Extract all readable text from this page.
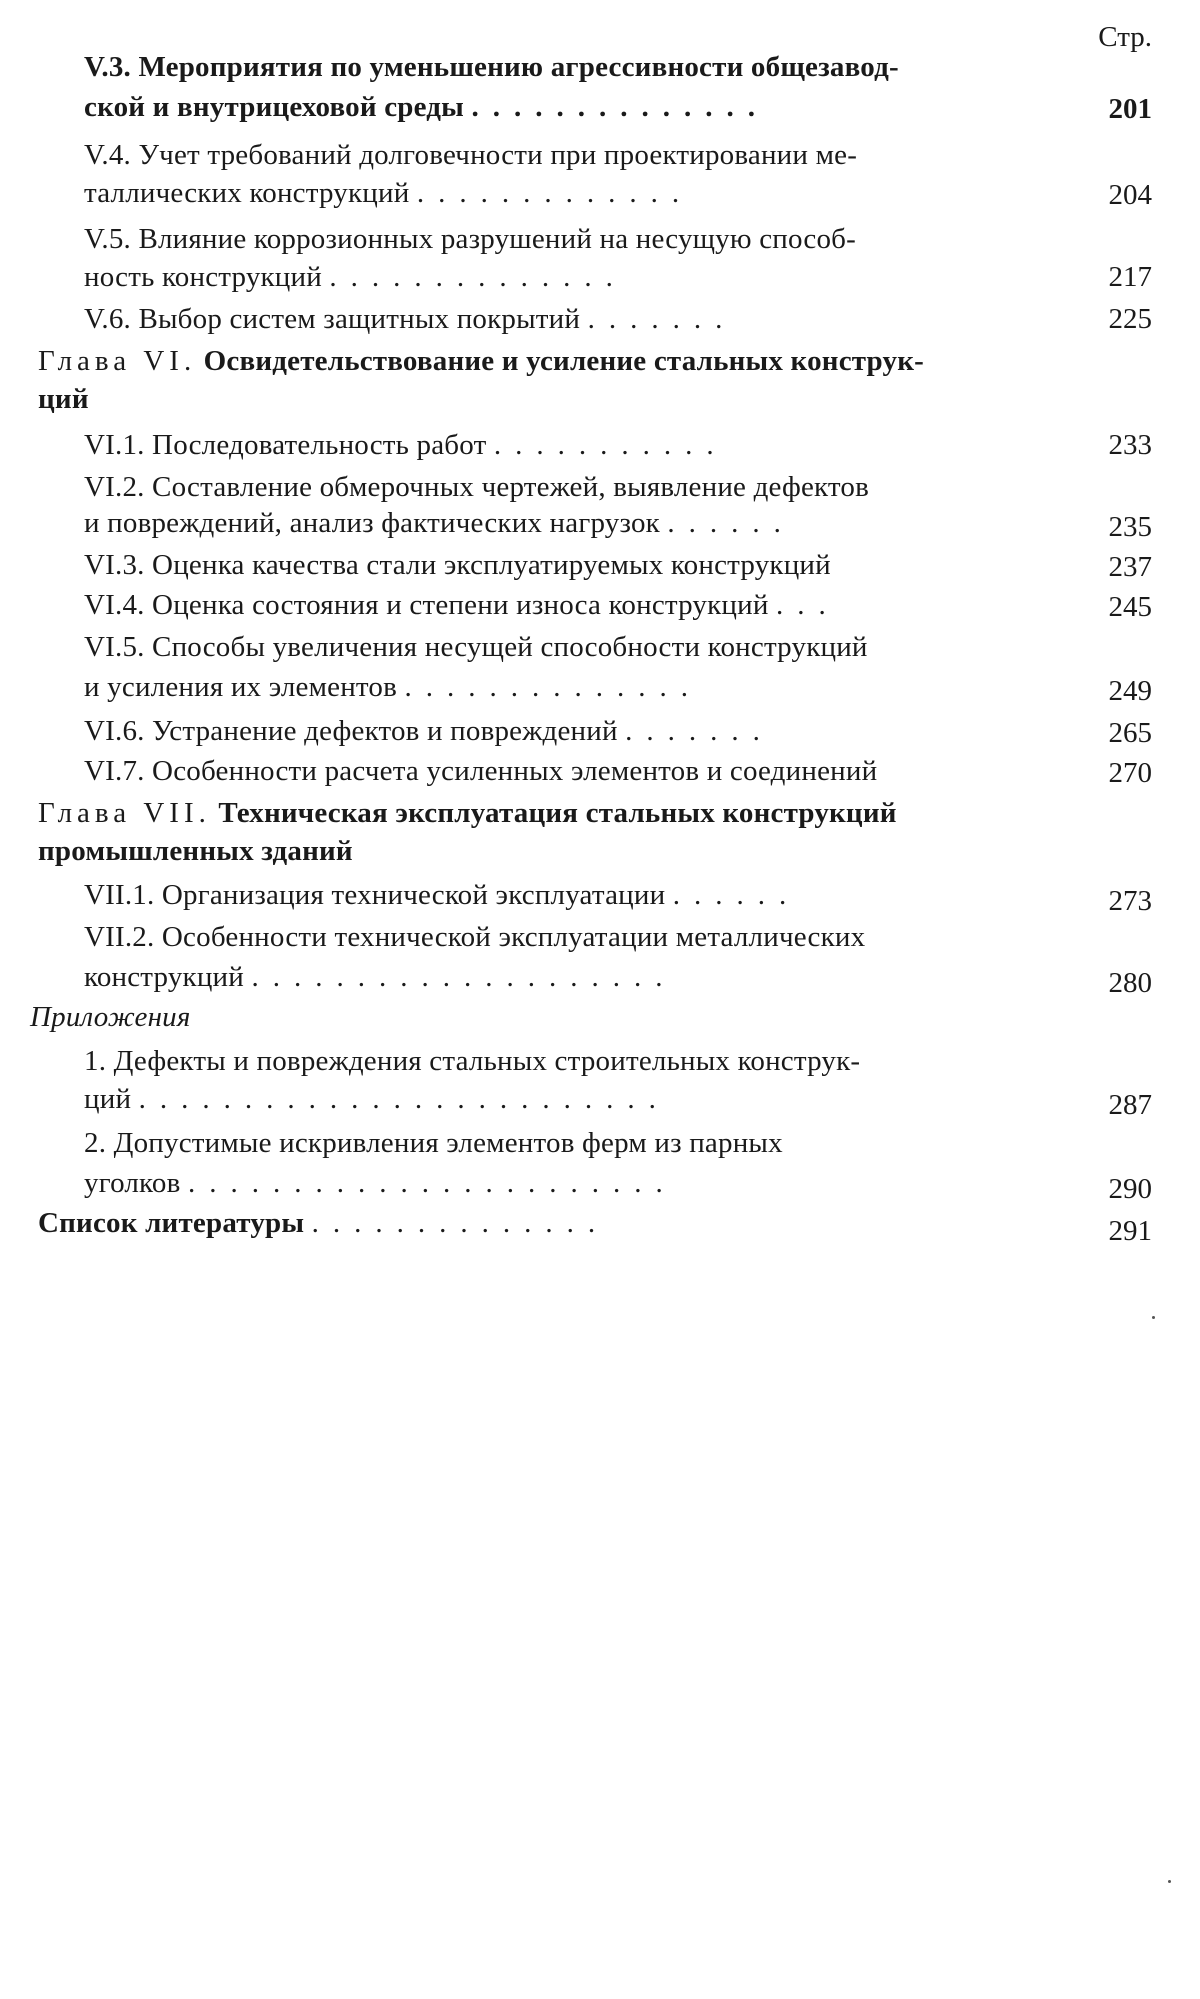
Стр.
V.3. Мероприятия по уменьшению агрессивности общезавод-
ской и внутрицеховой среды ..............	201
V.4. Учет требований долговечности при проектировании ме-
таллических конструкций .............	204
V.5. Влияние коррозионных разрушений на несущую способ-
ность конструкций ..............	217
V.6. Выбор систем защитных покрытий .......	225
Глава VI. Освидетельствование и усиление стальных конструк-
ций
VI.1. Последовательность работ ...........	233
VI.2. Составление обмерочных чертежей, выявление дефектов
и повреждений, анализ фактических нагрузок ......	235
VI.3. Оценка качества стали эксплуатируемых конструкций	237
VI.4. Оценка состояния и степени износа конструкций ...	245
VI.5. Способы увеличения несущей способности конструкций
и усиления их элементов ..............	249
VI.6. Устранение дефектов и повреждений .......	265
VI.7. Особенности расчета усиленных элементов и соединений	270
Глава VII. Техническая эксплуатация стальных конструкций
промышленных зданий
VII.1. Организация технической эксплуатации ......	273
VII.2. Особенности технической эксплуатации металлических
конструкций ....................	280
Приложения
1. Дефекты и повреждения стальных строительных конструк-
ций .........................	287
2. Допустимые искривления элементов ферм из парных
уголков .......................	290
Список литературы ..............	291
